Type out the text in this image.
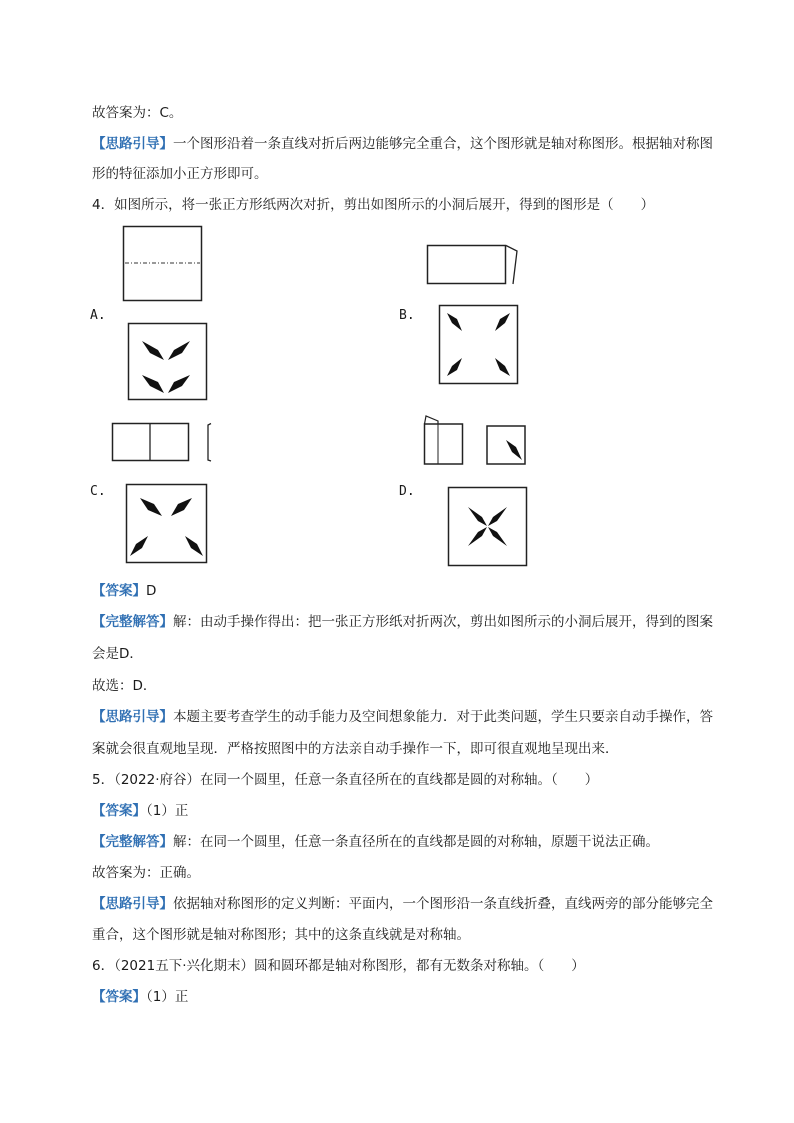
故答案为：C。
【思路引导】一个图形沿着一条直线对折后两边能够完全重合，这个图形就是轴对称图形。根据轴对称图
形的特征添加小正方形即可。
4．如图所示，将一张正方形纸两次对折，剪出如图所示的小洞后展开，得到的图形是（　　）
A.	B.
C.	D.
【答案】D
【完整解答】解：由动手操作得出：把一张正方形纸对折两次，剪出如图所示的小洞后展开，得到的图案
会是D．
故选：D．
【思路引导】本题主要考查学生的动手能力及空间想象能力．对于此类问题，学生只要亲自动手操作，答
案就会很直观地呈现．严格按照图中的方法亲自动手操作一下，即可很直观地呈现出来．
5．（2022·府谷）在同一个圆里，任意一条直径所在的直线都是圆的对称轴。（　　）
【答案】（1）正
【完整解答】解：在同一个圆里，任意一条直径所在的直线都是圆的对称轴，原题干说法正确。
故答案为：正确。
【思路引导】依据轴对称图形的定义判断：平面内，一个图形沿一条直线折叠，直线两旁的部分能够完全
重合，这个图形就是轴对称图形；其中的这条直线就是对称轴。
6．（2021五下·兴化期末）圆和圆环都是轴对称图形，都有无数条对称轴。（　　）
【答案】（1）正
